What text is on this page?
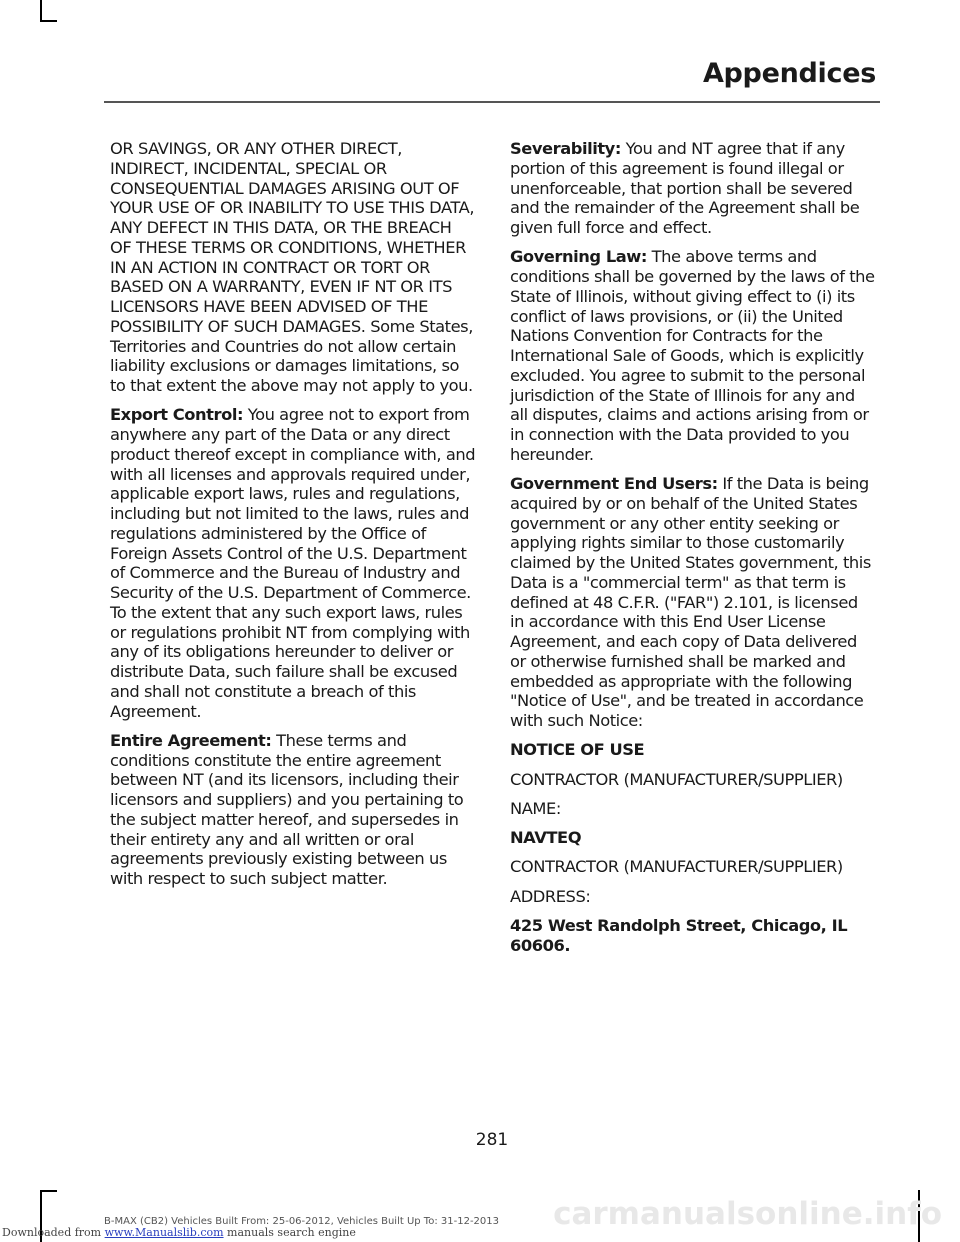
Appendices

OR SAVINGS, OR ANY OTHER DIRECT, INDIRECT, INCIDENTAL, SPECIAL OR CONSEQUENTIAL DAMAGES ARISING OUT OF YOUR USE OF OR INABILITY TO USE THIS DATA, ANY DEFECT IN THIS DATA, OR THE BREACH OF THESE TERMS OR CONDITIONS, WHETHER IN AN ACTION IN CONTRACT OR TORT OR BASED ON A WARRANTY, EVEN IF NT OR ITS LICENSORS HAVE BEEN ADVISED OF THE POSSIBILITY OF SUCH DAMAGES. Some States, Territories and Countries do not allow certain liability exclusions or damages limitations, so to that extent the above may not apply to you.

Export Control: You agree not to export from anywhere any part of the Data or any direct product thereof except in compliance with, and with all licenses and approvals required under, applicable export laws, rules and regulations, including but not limited to the laws, rules and regulations administered by the Office of Foreign Assets Control of the U.S. Department of Commerce and the Bureau of Industry and Security of the U.S. Department of Commerce. To the extent that any such export laws, rules or regulations prohibit NT from complying with any of its obligations hereunder to deliver or distribute Data, such failure shall be excused and shall not constitute a breach of this Agreement.

Entire Agreement: These terms and conditions constitute the entire agreement between NT (and its licensors, including their licensors and suppliers) and you pertaining to the subject matter hereof, and supersedes in their entirety any and all written or oral agreements previously existing between us with respect to such subject matter.

Severability: You and NT agree that if any portion of this agreement is found illegal or unenforceable, that portion shall be severed and the remainder of the Agreement shall be given full force and effect.

Governing Law: The above terms and conditions shall be governed by the laws of the State of Illinois, without giving effect to (i) its conflict of laws provisions, or (ii) the United Nations Convention for Contracts for the International Sale of Goods, which is explicitly excluded. You agree to submit to the personal jurisdiction of the State of Illinois for any and all disputes, claims and actions arising from or in connection with the Data provided to you hereunder.

Government End Users: If the Data is being acquired by or on behalf of the United States government or any other entity seeking or applying rights similar to those customarily claimed by the United States government, this Data is a "commercial term" as that term is defined at 48 C.F.R. ("FAR") 2.101, is licensed in accordance with this End User License Agreement, and each copy of Data delivered or otherwise furnished shall be marked and embedded as appropriate with the following "Notice of Use", and be treated in accordance with such Notice:

NOTICE OF USE

CONTRACTOR (MANUFACTURER/SUPPLIER)

NAME:

NAVTEQ

CONTRACTOR (MANUFACTURER/SUPPLIER)

ADDRESS:

425 West Randolph Street, Chicago, IL 60606.

281
carmanualsonline.info
B-MAX (CB2) Vehicles Built From: 25-06-2012, Vehicles Built Up To: 31-12-2013
Downloaded from www.Manualslib.com manuals search engine
